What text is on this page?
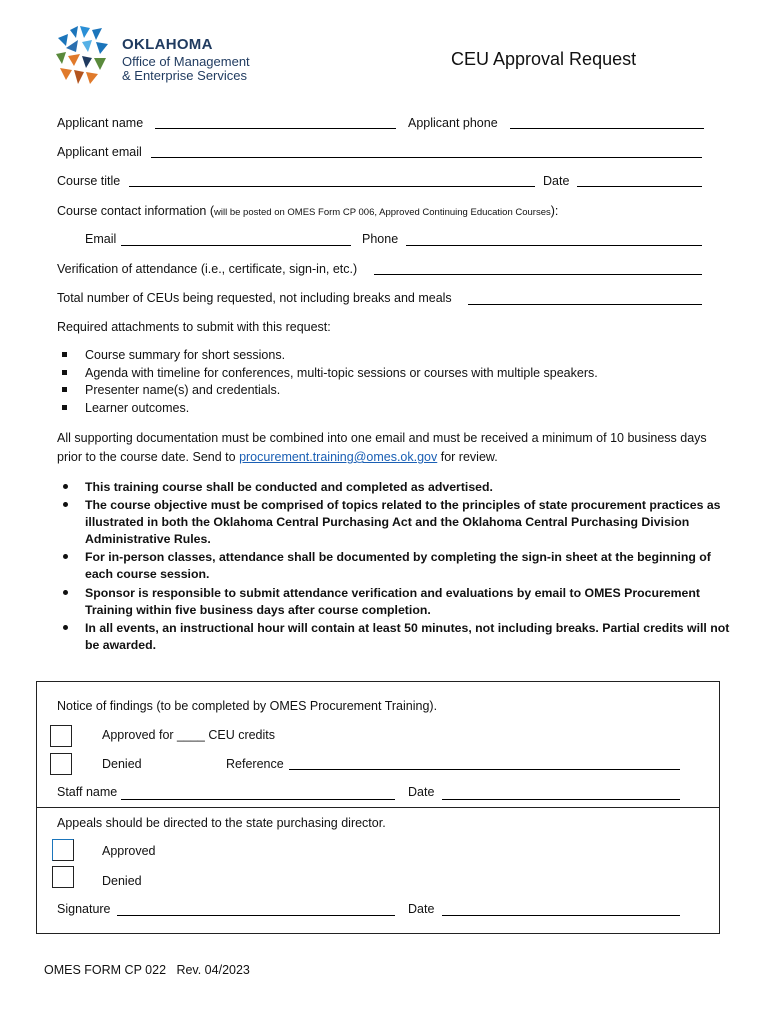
OKLAHOMA
Office of Management
& Enterprise Services
CEU Approval Request
Applicant name	Applicant phone
Applicant email
Course title	Date
Course contact information (will be posted on OMES Form CP 006, Approved Continuing Education Courses):
Email	Phone
Verification of attendance (i.e., certificate, sign-in, etc.)
Total number of CEUs being requested, not including breaks and meals
Required attachments to submit with this request:
Course summary for short sessions.
Agenda with timeline for conferences, multi-topic sessions or courses with multiple speakers.
Presenter name(s) and credentials.
Learner outcomes.
All supporting documentation must be combined into one email and must be received a minimum of 10 business days
prior to the course date. Send to procurement.training@omes.ok.gov for review.
This training course shall be conducted and completed as advertised.
The course objective must be comprised of topics related to the principles of state procurement practices as
illustrated in both the Oklahoma Central Purchasing Act and the Oklahoma Central Purchasing Division
Administrative Rules.
For in-person classes, attendance shall be documented by completing the sign-in sheet at the beginning of
each course session.
Sponsor is responsible to submit attendance verification and evaluations by email to OMES Procurement
Training within five business days after course completion.
In all events, an instructional hour will contain at least 50 minutes, not including breaks. Partial credits will not
be awarded.
Notice of findings (to be completed by OMES Procurement Training).
Approved for ____ CEU credits
Denied	Reference
Staff name	Date
Appeals should be directed to the state purchasing director.
Approved
Denied
Signature	Date
OMES FORM CP 022   Rev. 04/2023
